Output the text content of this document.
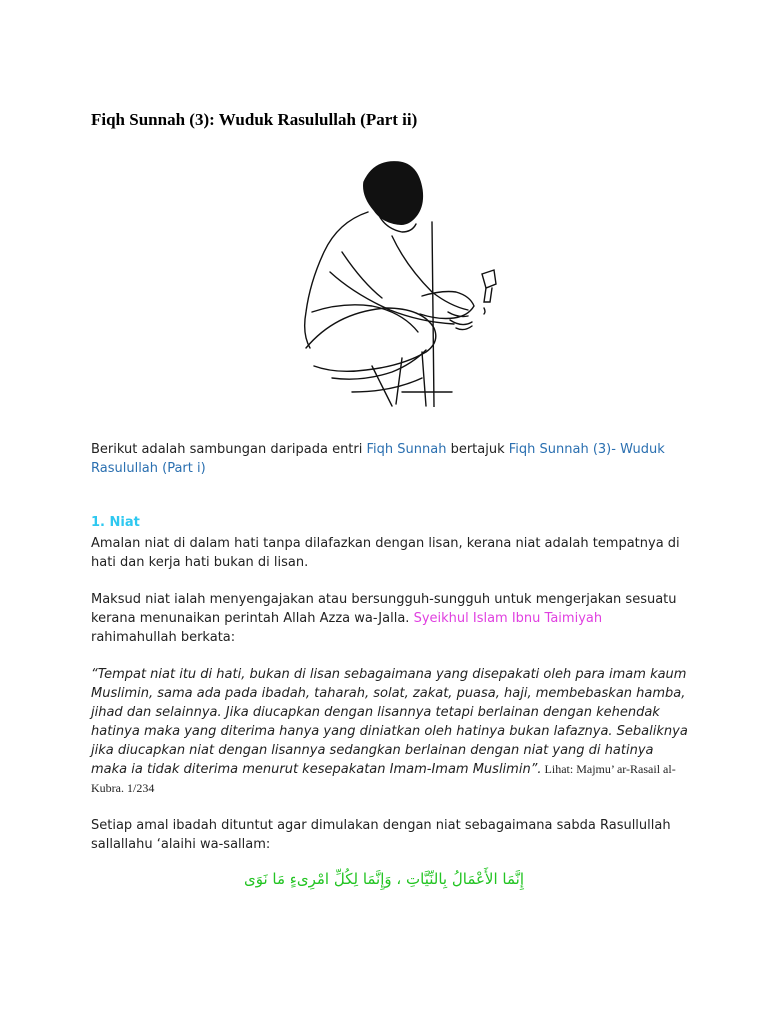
Fiqh Sunnah (3): Wuduk Rasulullah (Part ii)
Berikut adalah sambungan daripada entri Fiqh Sunnah bertajuk Fiqh Sunnah (3)- Wuduk Rasulullah (Part i)
1. Niat
Amalan niat di dalam hati tanpa dilafazkan dengan lisan, kerana niat adalah tempatnya di hati dan kerja hati bukan di lisan.
Maksud niat ialah menyengajakan atau bersungguh-sungguh untuk mengerjakan sesuatu kerana menunaikan perintah Allah Azza wa-Jalla. Syeikhul Islam Ibnu Taimiyah rahimahullah berkata:
“Tempat niat itu di hati, bukan di lisan sebagaimana yang disepakati oleh para imam kaum Muslimin, sama ada pada ibadah, taharah, solat, zakat, puasa, haji, membebaskan hamba, jihad dan selainnya. Jika diucapkan dengan lisannya tetapi berlainan dengan kehendak hatinya maka yang diterima hanya yang diniatkan oleh hatinya bukan lafaznya. Sebaliknya jika diucapkan niat dengan lisannya sedangkan berlainan dengan niat yang di hatinya maka ia tidak diterima menurut kesepakatan Imam-Imam Muslimin”. Lihat: Majmu’ ar-Rasail al-Kubra. 1/234
Setiap amal ibadah dituntut agar dimulakan dengan niat sebagaimana sabda Rasullullah sallallahu ‘alaihi wa-sallam:
إِنَّمَا الأَعْمَالُ بِالنِّيَّاتِ ، وَإِنَّمَا لِكُلِّ امْرِىءٍ مَا نَوَى
